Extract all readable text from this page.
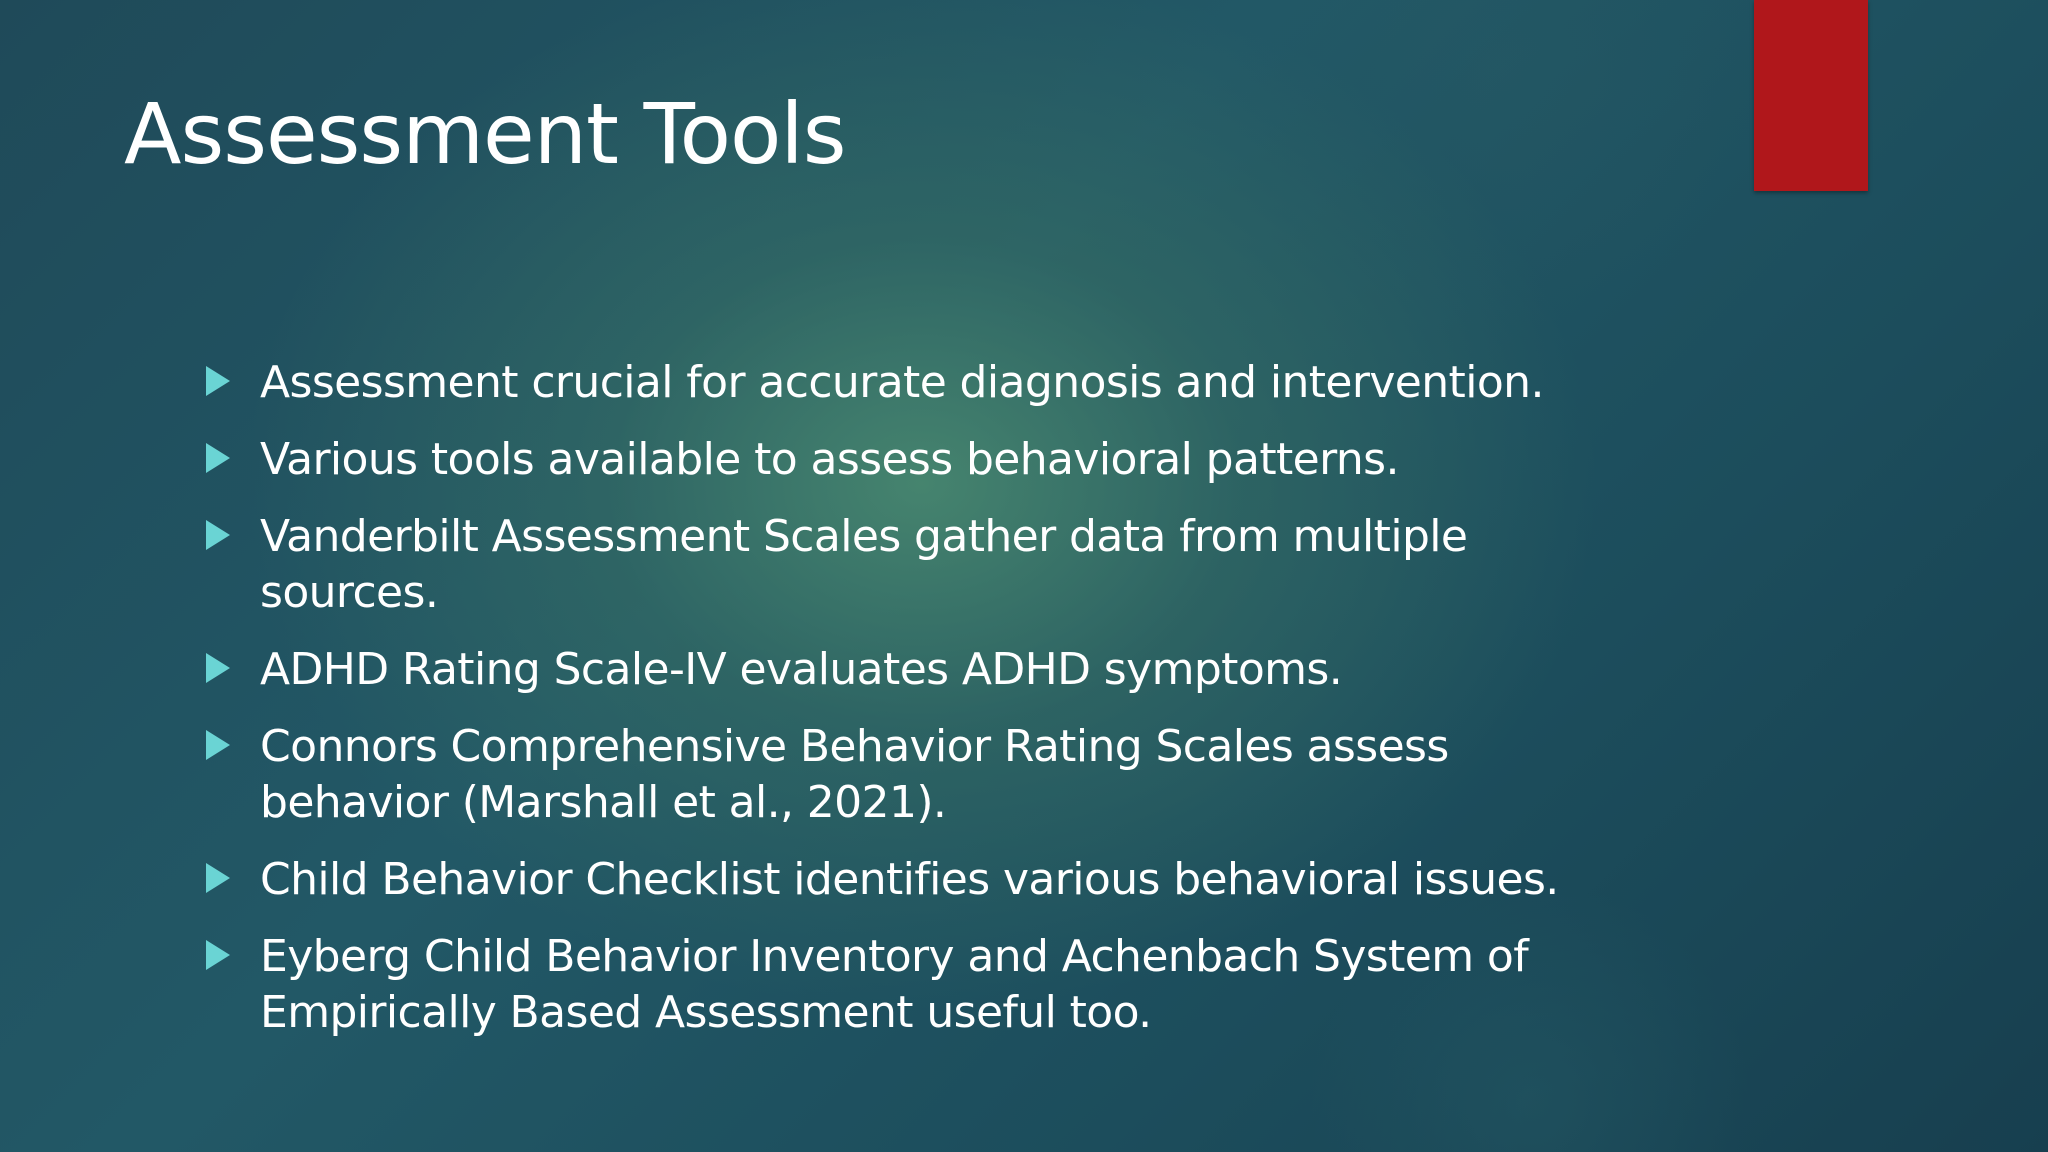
Assessment Tools
Assessment crucial for accurate diagnosis and intervention.
Various tools available to assess behavioral patterns.
Vanderbilt Assessment Scales gather data from multiple sources.
ADHD Rating Scale-IV evaluates ADHD symptoms.
Connors Comprehensive Behavior Rating Scales assess behavior (Marshall et al., 2021).
Child Behavior Checklist identifies various behavioral issues.
Eyberg Child Behavior Inventory and Achenbach System of Empirically Based Assessment useful too.
